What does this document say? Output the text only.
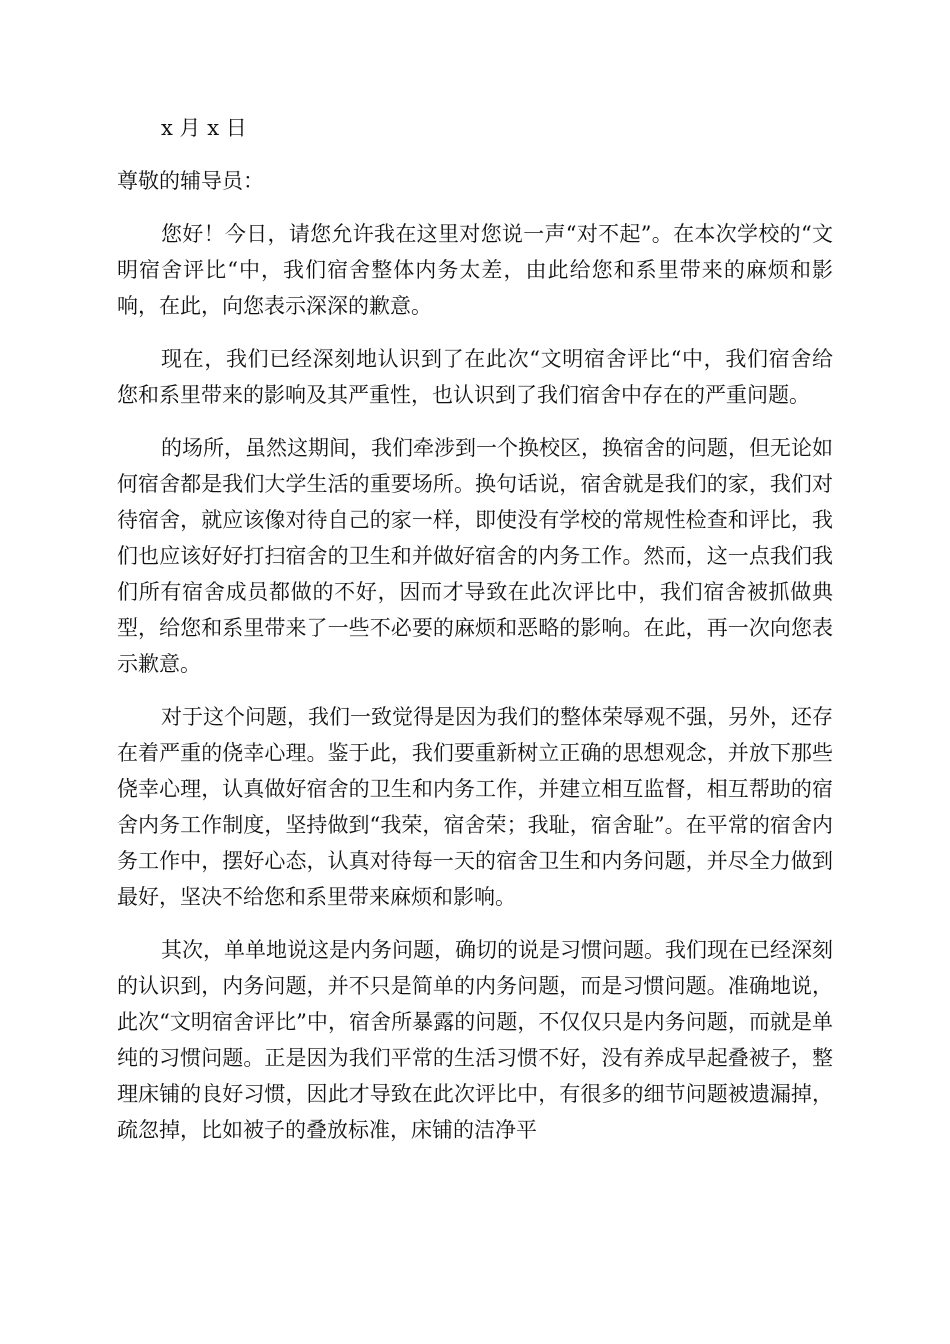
x 月 x 日
尊敬的辅导员：

您好！今日，请您允许我在这里对您说一声“对不起”。在本次学校的“文明宿舍评比“中，我们宿舍整体内务太差，由此给您和系里带来的麻烦和影响，在此，向您表示深深的歉意。

现在，我们已经深刻地认识到了在此次“文明宿舍评比“中，我们宿舍给您和系里带来的影响及其严重性，也认识到了我们宿舍中存在的严重问题。

的场所，虽然这期间，我们牵涉到一个换校区，换宿舍的问题，但无论如何宿舍都是我们大学生活的重要场所。换句话说，宿舍就是我们的家，我们对待宿舍，就应该像对待自己的家一样，即使没有学校的常规性检查和评比，我们也应该好好打扫宿舍的卫生和并做好宿舍的内务工作。然而，这一点我们我们所有宿舍成员都做的不好，因而才导致在此次评比中，我们宿舍被抓做典型，给您和系里带来了一些不必要的麻烦和恶略的影响。在此，再一次向您表示歉意。

对于这个问题，我们一致觉得是因为我们的整体荣辱观不强，另外，还存在着严重的侥幸心理。鉴于此，我们要重新树立正确的思想观念，并放下那些侥幸心理，认真做好宿舍的卫生和内务工作，并建立相互监督，相互帮助的宿舍内务工作制度，坚持做到“我荣，宿舍荣；我耻，宿舍耻”。在平常的宿舍内务工作中，摆好心态，认真对待每一天的宿舍卫生和内务问题，并尽全力做到最好，坚决不给您和系里带来麻烦和影响。

其次，单单地说这是内务问题，确切的说是习惯问题。我们现在已经深刻的认识到，内务问题，并不只是简单的内务问题，而是习惯问题。准确地说，此次“文明宿舍评比”中，宿舍所暴露的问题，不仅仅只是内务问题，而就是单纯的习惯问题。正是因为我们平常的生活习惯不好，没有养成早起叠被子，整理床铺的良好习惯，因此才导致在此次评比中，有很多的细节问题被遗漏掉，疏忽掉，比如被子的叠放标准，床铺的洁净平
